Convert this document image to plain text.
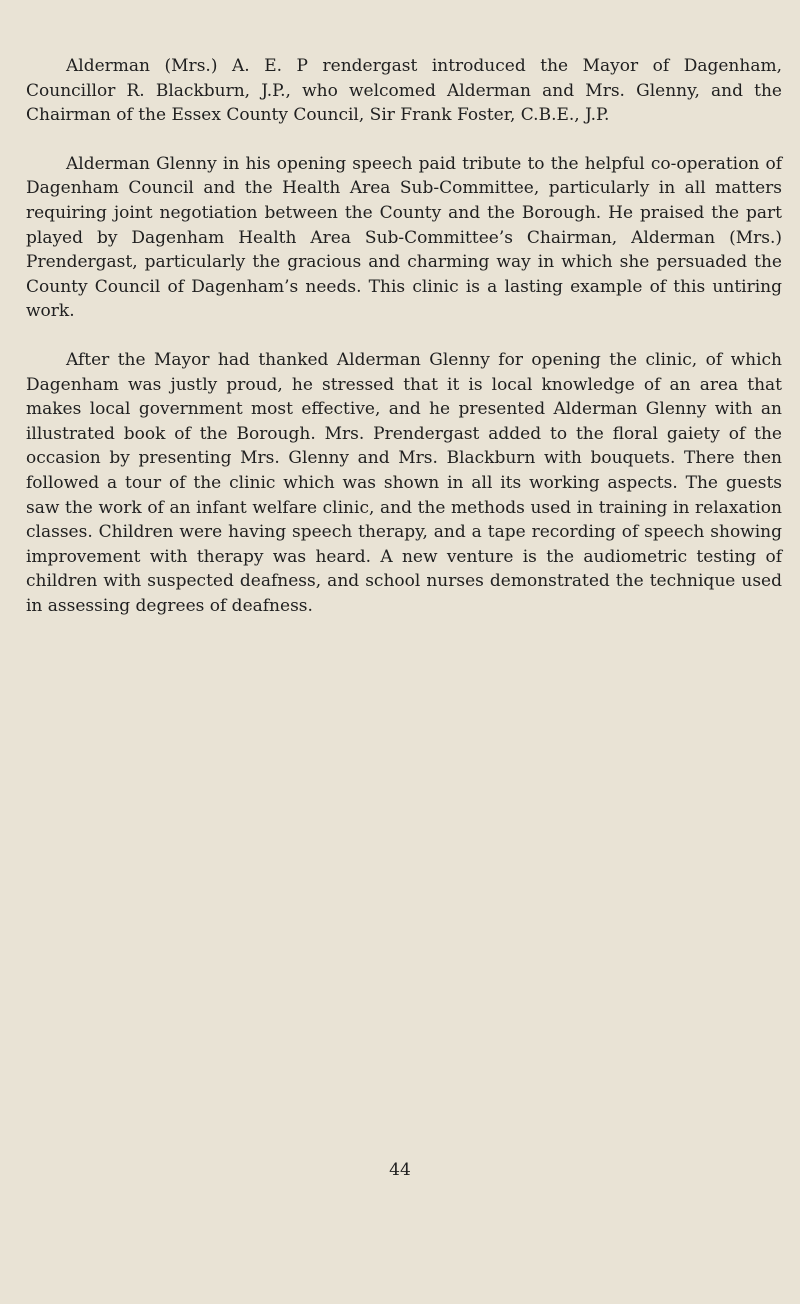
Alderman (Mrs.) A. E. P rendergast introduced the Mayor of Dagenham, Councillor R. Blackburn, J.P., who welcomed Alderman and Mrs. Glenny, and the Chairman of the Essex County Council, Sir Frank Foster, C.B.E., J.P.

Alderman Glenny in his opening speech paid tribute to the helpful co-operation of Dagenham Council and the Health Area Sub-Committee, particularly in all matters requiring joint negotiation between the County and the Borough. He praised the part played by Dagenham Health Area Sub-Committee’s Chairman, Alderman (Mrs.) Prendergast, particularly the gracious and charming way in which she persuaded the County Council of Dagenham’s needs. This clinic is a lasting example of this untiring work.

After the Mayor had thanked Alderman Glenny for opening the clinic, of which Dagenham was justly proud, he stressed that it is local knowledge of an area that makes local government most effective, and he presented Alderman Glenny with an illustrated book of the Borough. Mrs. Prendergast added to the floral gaiety of the occasion by presenting Mrs. Glenny and Mrs. Blackburn with bouquets. There then followed a tour of the clinic which was shown in all its working aspects. The guests saw the work of an infant welfare clinic, and the methods used in training in relaxation classes. Children were having speech therapy, and a tape recording of speech showing improvement with therapy was heard. A new venture is the audiometric testing of children with suspected deafness, and school nurses demonstrated the technique used in assessing degrees of deafness.

44
